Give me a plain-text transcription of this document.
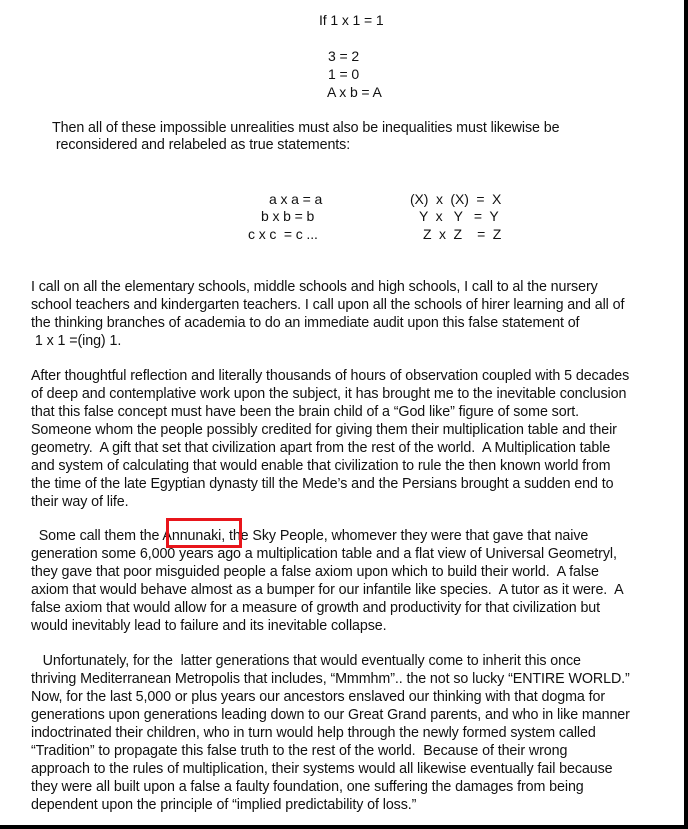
If 1 x 1 = 1
3 = 2
1 = 0
A x b = A
Then all of these impossible unrealities must also be inequalities must likewise be
reconsidered and relabeled as true statements:
a x a = a
b x b = b
c x c  = c ...
(X)  x  (X)  =  X
Y  x   Y   =  Y
Z  x  Z    =  Z
I call on all the elementary schools, middle schools and high schools, I call to al the nursery
school teachers and kindergarten teachers. I call upon all the schools of hirer learning and all of
the thinking branches of academia to do an immediate audit upon this false statement of
1 x 1 =(ing) 1.
After thoughtful reflection and literally thousands of hours of observation coupled with 5 decades
of deep and contemplative work upon the subject, it has brought me to the inevitable conclusion
that this false concept must have been the brain child of a “God like” figure of some sort.
Someone whom the people possibly credited for giving them their multiplication table and their
geometry.  A gift that set that civilization apart from the rest of the world.  A Multiplication table
and system of calculating that would enable that civilization to rule the then known world from
the time of the late Egyptian dynasty till the Mede’s and the Persians brought a sudden end to
their way of life.
Some call them the Annunaki, the Sky People, whomever they were that gave that naive
generation some 6,000 years ago a multiplication table and a flat view of Universal Geometryl,
they gave that poor misguided people a false axiom upon which to build their world.  A false
axiom that would behave almost as a bumper for our infantile like species.  A tutor as it were.  A
false axiom that would allow for a measure of growth and productivity for that civilization but
would inevitably lead to failure and its inevitable collapse.
Unfortunately, for the  latter generations that would eventually come to inherit this once
thriving Mediterranean Metropolis that includes, “Mmmhm”.. the not so lucky “ENTIRE WORLD.”
Now, for the last 5,000 or plus years our ancestors enslaved our thinking with that dogma for
generations upon generations leading down to our Great Grand parents, and who in like manner
indoctrinated their children, who in turn would help through the newly formed system called
“Tradition” to propagate this false truth to the rest of the world.  Because of their wrong
approach to the rules of multiplication, their systems would all likewise eventually fail because
they were all built upon a false a faulty foundation, one suffering the damages from being
dependent upon the principle of “implied predictability of loss.”
